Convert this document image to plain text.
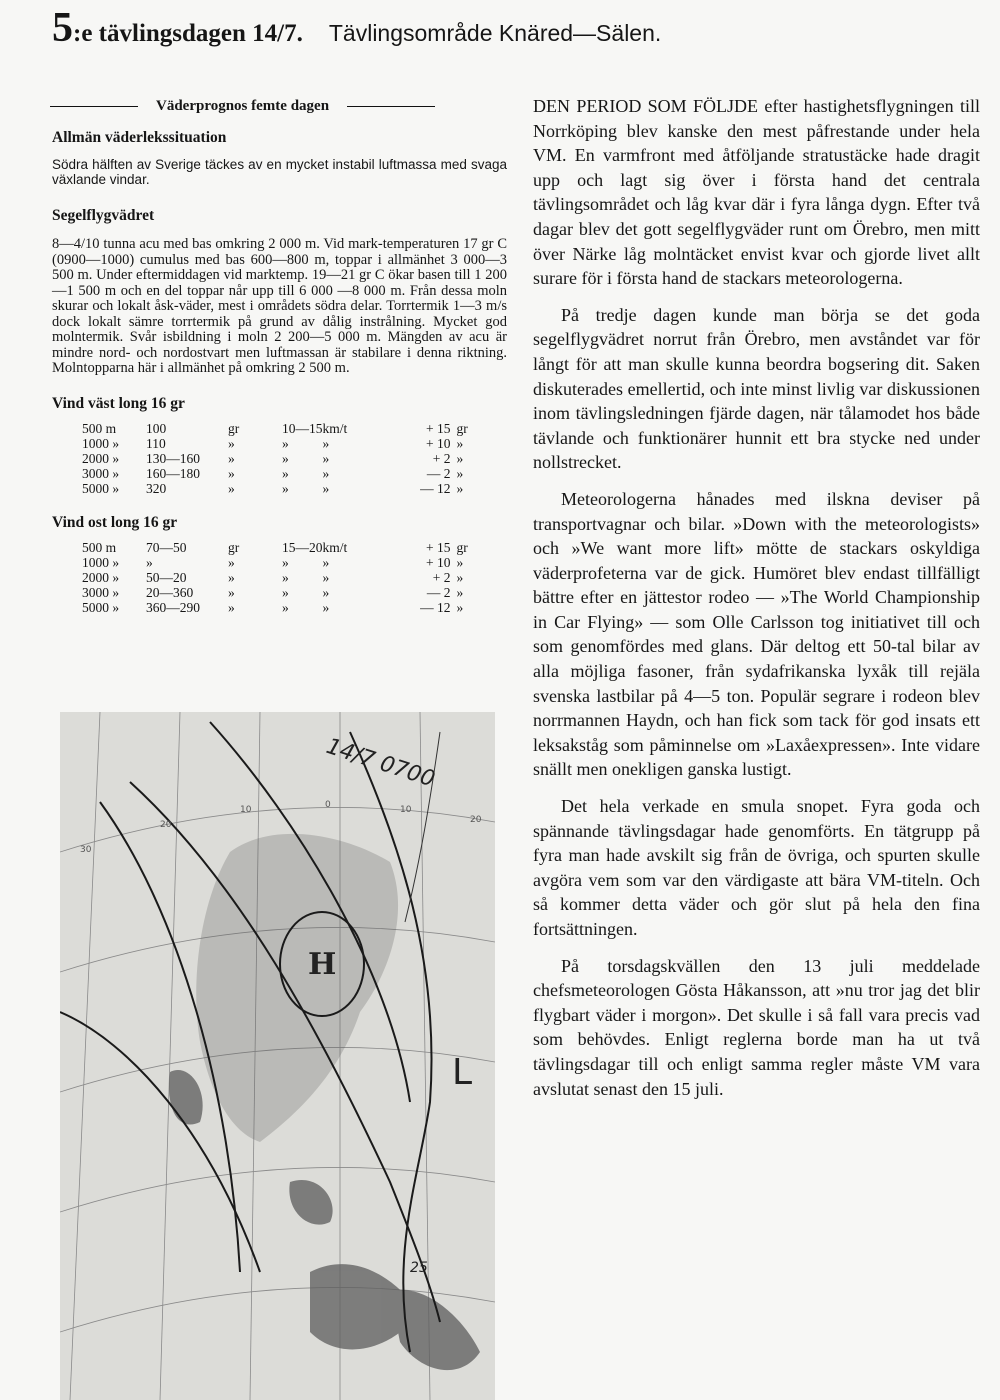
5:e tävlingsdagen 14/7. Tävlingsområde Knäred—Sälen.
Väderprognos femte dagen
Allmän väderlekssituation
Södra hälften av Sverige täckes av en mycket instabil luftmassa med svaga växlande vindar.
Segelflygvädret
8—4/10 tunna acu med bas omkring 2 000 m. Vid mark-temperaturen 17 gr C (0900—1000) cumulus med bas 600—800 m, toppar i allmänhet 3 000—3 500 m. Under eftermiddagen vid marktemp. 19—21 gr C ökar basen till 1 200—1 500 m och en del toppar når upp till 6 000 —8 000 m. Från dessa moln skurar och lokalt åsk-väder, mest i områdets södra delar. Torrtermik 1—3 m/s dock lokalt sämre torrtermik på grund av dålig instrålning. Mycket god molntermik. Svår isbildning i moln 2 200—5 000 m. Mängden av acu är mindre nord- och nordostvart men luftmassan är stabilare i denna riktning. Molntopparna här i allmänhet på omkring 2 500 m.
Vind väst long 16 gr
500 m	100	gr	10—15	km/t	+ 15	gr
1000 »	110	»	»	»	+ 10	»
2000 »	130—160	»	»	»	+ 2	»
3000 »	160—180	»	»	»	— 2	»
5000 »	320	»	»	»	— 12	»
Vind ost long 16 gr
500 m	70—50	gr	15—20	km/t	+ 15	gr
1000 »	»	»	»	»	+ 10	»
2000 »	50—20	»	»	»	+ 2	»
3000 »	20—360	»	»	»	— 2	»
5000 »	360—290	»	»	»	— 12	»
14/7 0700
H
L
25
30
20
10	0	10
20

DEN PERIOD SOM FÖLJDE efter hastighetsflygningen till Norrköping blev kanske den mest påfrestande under hela VM. En varmfront med åtföljande stratustäcke hade dragit upp och lagt sig över i första hand det centrala tävlingsområdet och låg kvar där i fyra långa dygn. Efter två dagar blev det gott segelflygväder runt om Örebro, men mitt över Närke låg molntäcket envist kvar och gjorde livet allt surare för i första hand de stackars meteorologerna.

På tredje dagen kunde man börja se det goda segelflygvädret norrut från Örebro, men avståndet var för långt för att man skulle kunna beordra bogsering dit. Saken diskuterades emellertid, och inte minst livlig var diskussionen inom tävlingsledningen fjärde dagen, när tålamodet hos både tävlande och funktionärer hunnit ett bra stycke ned under nollstrecket.

Meteorologerna hånades med ilskna deviser på transportvagnar och bilar. »Down with the meteorologists» och »We want more lift» mötte de stackars oskyldiga väderprofeterna var de gick. Humöret blev endast tillfälligt bättre efter en jättestor rodeo — »The World Championship in Car Flying» — som Olle Carlsson tog initiativet till och som genomfördes med glans. Där deltog ett 50-tal bilar av alla möjliga fasoner, från sydafrikanska lyxåk till rejäla svenska lastbilar på 4—5 ton. Populär segrare i rodeon blev norrmannen Haydn, och han fick som tack för god insats ett leksakståg som påminnelse om »Laxåexpressen». Inte vidare snällt men onekligen ganska lustigt.

Det hela verkade en smula snopet. Fyra goda och spännande tävlingsdagar hade genomförts. En tätgrupp på fyra man hade avskilt sig från de övriga, och spurten skulle avgöra vem som var den värdigaste att bära VM-titeln. Och så kommer detta väder och gör slut på hela den fina fortsättningen.

På torsdagskvällen den 13 juli meddelade chefsmeteorologen Gösta Håkansson, att »nu tror jag det blir flygbart väder i morgon». Det skulle i så fall vara precis vad som behövdes. Enligt reglerna borde man ha ut två tävlingsdagar till och enligt samma regler måste VM vara avslutat senast den 15 juli.
